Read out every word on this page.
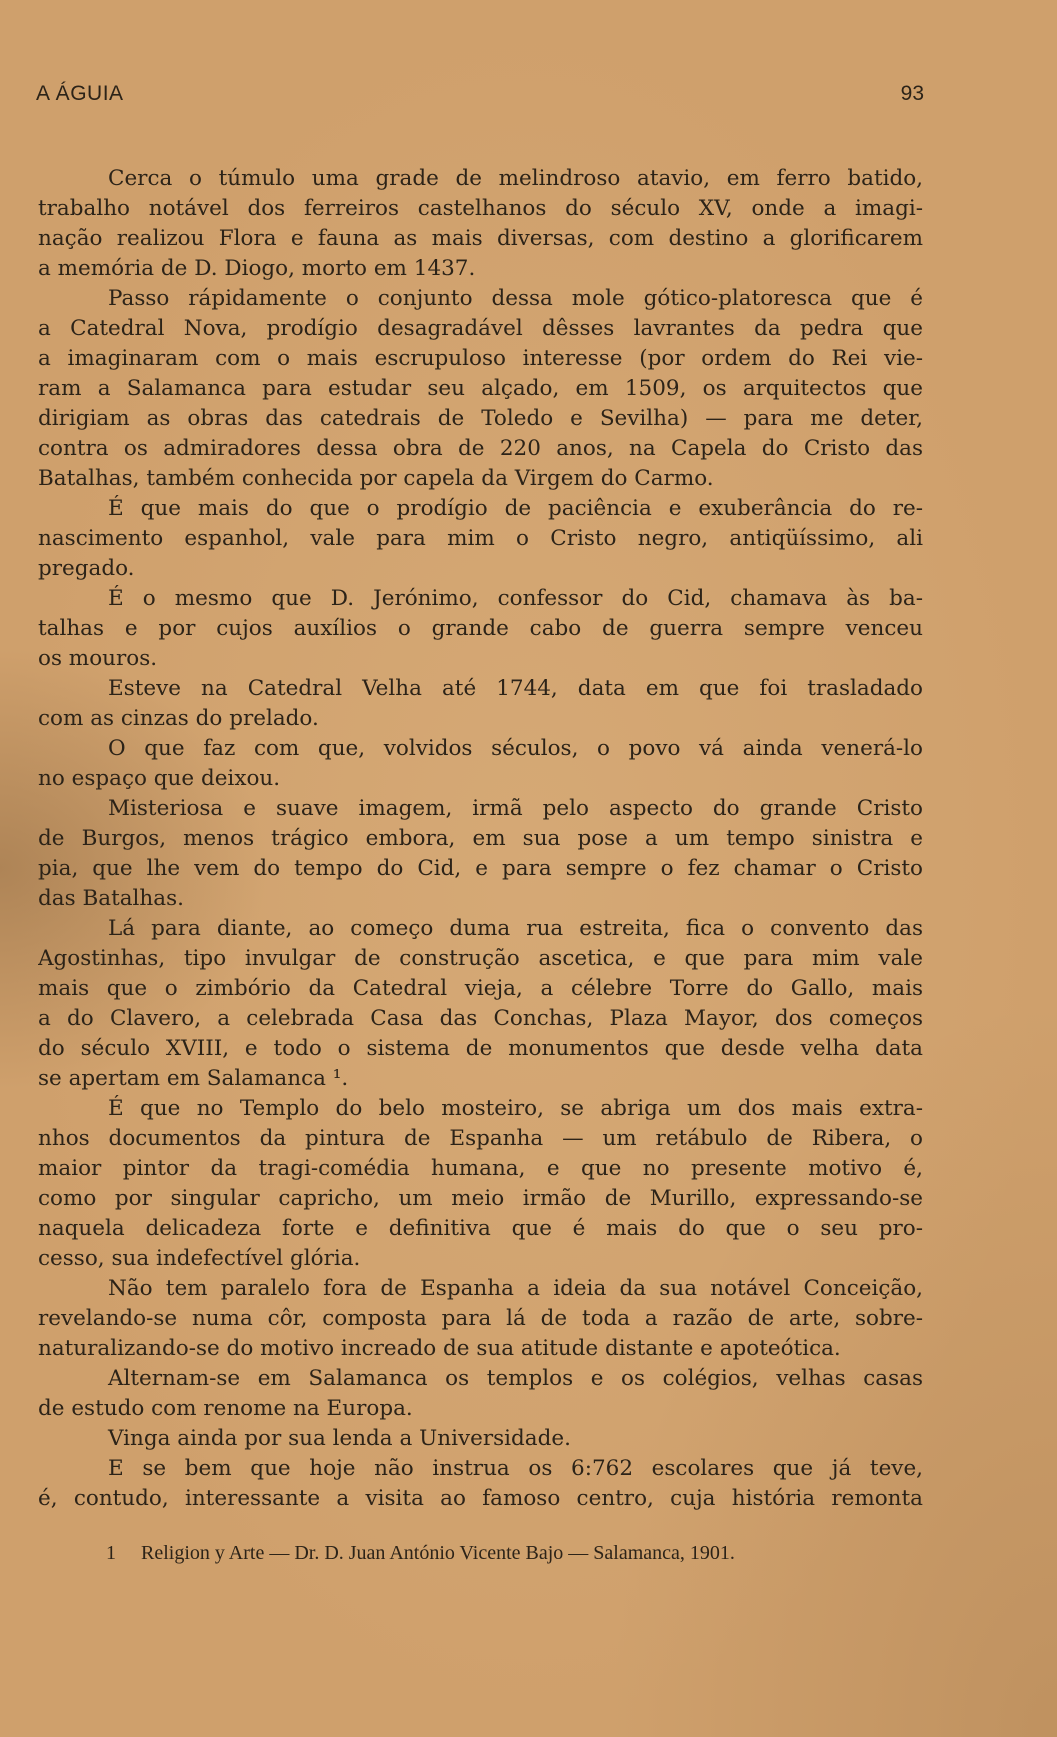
A ÁGUIA	93
Cerca o túmulo uma grade de melindroso atavio, em ferro batido,
trabalho notável dos ferreiros castelhanos do século XV, onde a imagi-
nação realizou Flora e fauna as mais diversas, com destino a glorificarem
a memória de D. Diogo, morto em 1437.
Passo rápidamente o conjunto dessa mole gótico-platoresca que é
a Catedral Nova, prodígio desagradável dêsses lavrantes da pedra que
a imaginaram com o mais escrupuloso interesse (por ordem do Rei vie-
ram a Salamanca para estudar seu alçado, em 1509, os arquitectos que
dirigiam as obras das catedrais de Toledo e Sevilha) — para me deter,
contra os admiradores dessa obra de 220 anos, na Capela do Cristo das
Batalhas, também conhecida por capela da Virgem do Carmo.
É que mais do que o prodígio de paciência e exuberância do re-
nascimento espanhol, vale para mim o Cristo negro, antiqüíssimo, ali
pregado.
É o mesmo que D. Jerónimo, confessor do Cid, chamava às ba-
talhas e por cujos auxílios o grande cabo de guerra sempre venceu
os mouros.
Esteve na Catedral Velha até 1744, data em que foi trasladado
com as cinzas do prelado.
O que faz com que, volvidos séculos, o povo vá ainda venerá-lo
no espaço que deixou.
Misteriosa e suave imagem, irmã pelo aspecto do grande Cristo
de Burgos, menos trágico embora, em sua pose a um tempo sinistra e
pia, que lhe vem do tempo do Cid, e para sempre o fez chamar o Cristo
das Batalhas.
Lá para diante, ao começo duma rua estreita, fica o convento das
Agostinhas, tipo invulgar de construção ascetica, e que para mim vale
mais que o zimbório da Catedral vieja, a célebre Torre do Gallo, mais
a do Clavero, a celebrada Casa das Conchas, Plaza Mayor, dos começos
do século XVIII, e todo o sistema de monumentos que desde velha data
se apertam em Salamanca ¹.
É que no Templo do belo mosteiro, se abriga um dos mais extra-
nhos documentos da pintura de Espanha — um retábulo de Ribera, o
maior pintor da tragi-comédia humana, e que no presente motivo é,
como por singular capricho, um meio irmão de Murillo, expressando-se
naquela delicadeza forte e definitiva que é mais do que o seu pro-
cesso, sua indefectível glória.
Não tem paralelo fora de Espanha a ideia da sua notável Conceição,
revelando-se numa côr, composta para lá de toda a razão de arte, sobre-
naturalizando-se do motivo increado de sua atitude distante e apoteótica.
Alternam-se em Salamanca os templos e os colégios, velhas casas
de estudo com renome na Europa.
Vinga ainda por sua lenda a Universidade.
E se bem que hoje não instrua os 6:762 escolares que já teve,
é, contudo, interessante a visita ao famoso centro, cuja história remonta
1 Religion y Arte — Dr. D. Juan António Vicente Bajo — Salamanca, 1901.
